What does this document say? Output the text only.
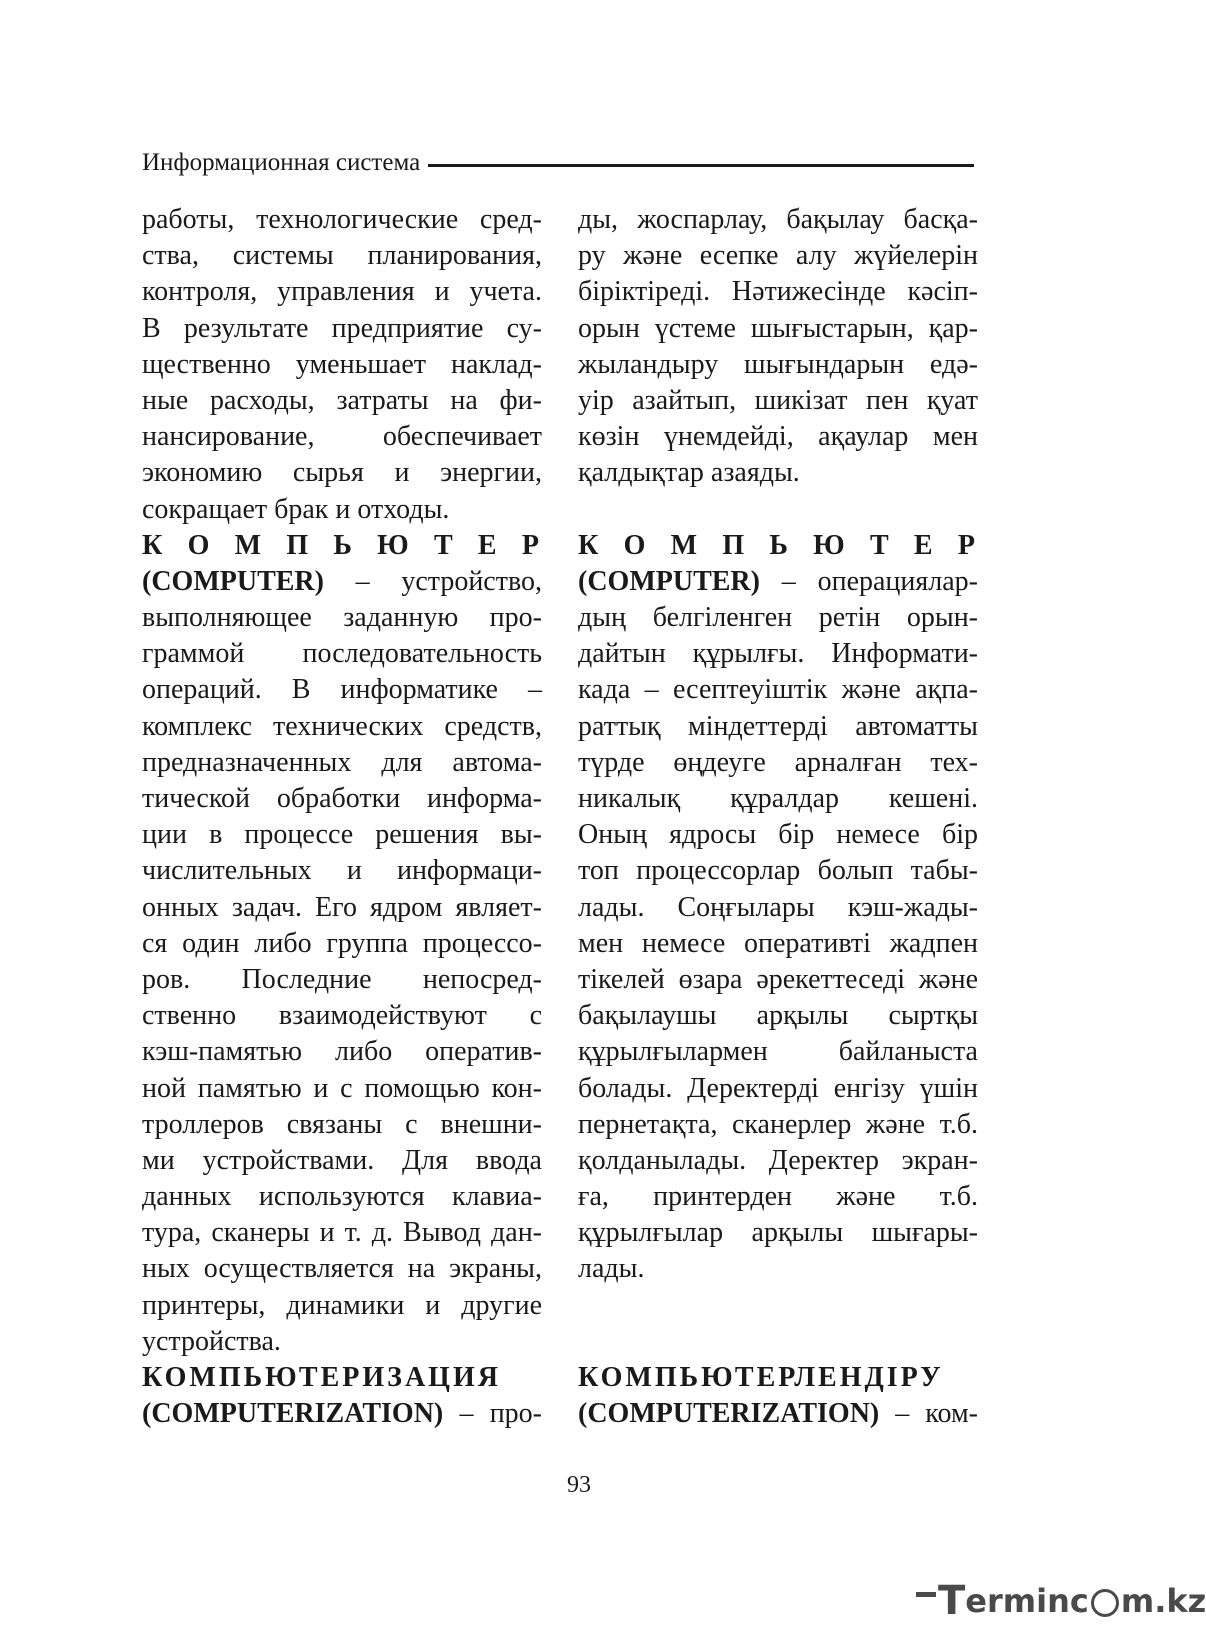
Информационная система
работы, технологические сред-
ства, системы планирования,
контроля, управления и учета.
В результате предприятие су-
щественно уменьшает наклад-
ные расходы, затраты на фи-
нансирование, обеспечивает
экономию сырья и энергии,
сокращает брак и отходы.
К О М П Ь Ю Т Е Р
(COMPUTER) – устройство,
выполняющее заданную про-
граммой последовательность
операций. В информатике –
комплекс технических средств,
предназначенных для автома-
тической обработки информа-
ции в процессе решения вы-
числительных и информаци-
онных задач. Его ядром являет-
ся один либо группа процессо-
ров. Последние непосред-
ственно взаимодействуют с
кэш-памятью либо оператив-
ной памятью и с помощью кон-
троллеров связаны с внешни-
ми устройствами. Для ввода
данных используются клавиа-
тура, сканеры и т. д. Вывод дан-
ных осуществляется на экраны,
принтеры, динамики и другие
устройства.
КОМПЬЮТЕРИЗАЦИЯ
(COMPUTERIZATION) – про-
ды, жоспарлау, бақылау басқа-
ру және есепке алу жүйелерін
біріктіреді. Нәтижесінде кәсіп-
орын үстеме шығыстарын, қар-
жыландыру шығындарын едә-
уір азайтып, шикізат пен қуат
көзін үнемдейді, ақаулар мен
қалдықтар азаяды.
К О М П Ь Ю Т Е Р
(COMPUTER) – операциялар-
дың белгіленген ретін орын-
дайтын құрылғы. Информати-
када – есептеуіштік және ақпа-
раттық міндеттерді автоматты
түрде өңдеуге арналған тех-
никалық құралдар кешені.
Оның ядросы бір немесе бір
топ процессорлар болып табы-
лады. Соңғылары кэш-жады-
мен немесе оперативті жадпен
тікелей өзара әрекеттеседі және
бақылаушы арқылы сыртқы
құрылғылармен байланыста
болады. Деректерді енгізу үшін
пернетақта, сканерлер және т.б.
қолданылады. Деректер экран-
ға, принтерден және т.б.
құрылғылар арқылы шығары-
лады.
КОМПЬЮТЕРЛЕНДІРУ
(COMPUTERIZATION) – ком-
93
T erminc m.kz
